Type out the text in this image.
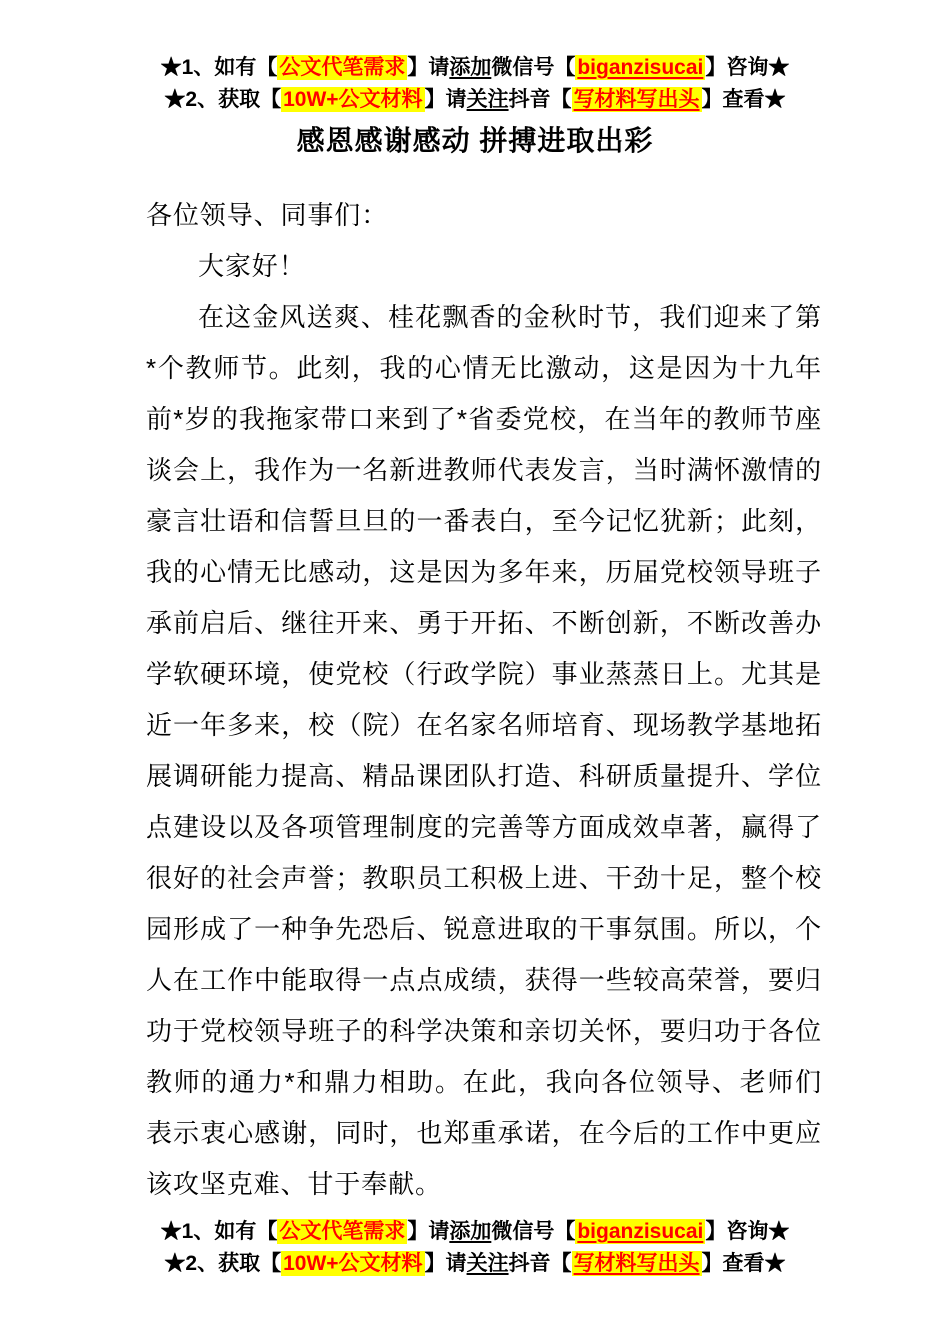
★1、如有【公文代笔需求】请添加微信号【biganzisucai】咨询★
★2、获取【10W+公文材料】请关注抖音【写材料写出头】查看★
感恩感谢感动 拼搏进取出彩

各位领导、同事们：

大家好！

在这金风送爽、桂花飘香的金秋时节，我们迎来了第*个教师节。此刻，我的心情无比激动，这是因为十九年前*岁的我拖家带口来到了*省委党校，在当年的教师节座谈会上，我作为一名新进教师代表发言，当时满怀激情的豪言壮语和信誓旦旦的一番表白，至今记忆犹新；此刻，我的心情无比感动，这是因为多年来，历届党校领导班子承前启后、继往开来、勇于开拓、不断创新，不断改善办学软硬环境，使党校（行政学院）事业蒸蒸日上。尤其是近一年多来，校（院）在名家名师培育、现场教学基地拓展调研能力提高、精品课团队打造、科研质量提升、学位点建设以及各项管理制度的完善等方面成效卓著，赢得了很好的社会声誉；教职员工积极上进、干劲十足，整个校园形成了一种争先恐后、锐意进取的干事氛围。所以，个人在工作中能取得一点点成绩，获得一些较高荣誉，要归功于党校领导班子的科学决策和亲切关怀，要归功于各位教师的通力*和鼎力相助。在此，我向各位领导、老师们表示衷心感谢，同时，也郑重承诺，在今后的工作中更应该攻坚克难、甘于奉献。

★1、如有【公文代笔需求】请添加微信号【biganzisucai】咨询★
★2、获取【10W+公文材料】请关注抖音【写材料写出头】查看★
